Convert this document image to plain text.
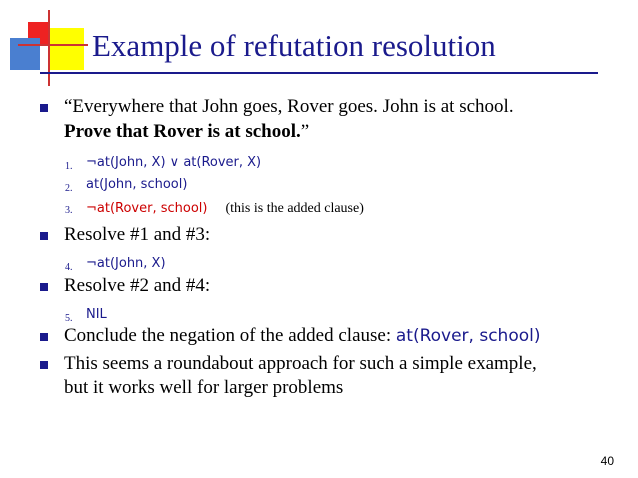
Example of refutation resolution
“Everywhere that John goes, Rover goes. John is at school.
Prove that Rover is at school.”
1. ¬at(John, X) ∨ at(Rover, X)
2. at(John, school)
3. ¬at(Rover, school) (this is the added clause)
Resolve #1 and #3:
4. ¬at(John, X)
Resolve #2 and #4:
5. NIL
Conclude the negation of the added clause: at(Rover, school)
This seems a roundabout approach for such a simple example,
but it works well for larger problems
40
